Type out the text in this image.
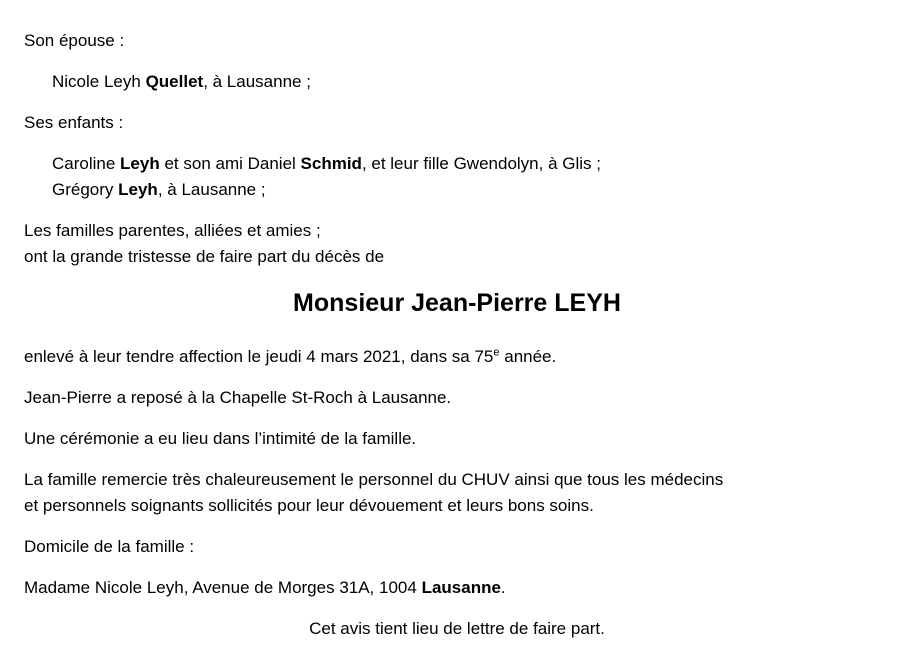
Son épouse :

Nicole Leyh Quellet, à Lausanne ;

Ses enfants :

Caroline Leyh et son ami Daniel Schmid, et leur fille Gwendolyn, à Glis ;
Grégory Leyh, à Lausanne ;

Les familles parentes, alliées et amies ;
ont la grande tristesse de faire part du décès de

Monsieur Jean-Pierre LEYH

enlevé à leur tendre affection le jeudi 4 mars 2021, dans sa 75e année.

Jean-Pierre a reposé à la Chapelle St-Roch à Lausanne.

Une cérémonie a eu lieu dans l’intimité de la famille.

La famille remercie très chaleureusement le personnel du CHUV ainsi que tous les médecins
et personnels soignants sollicités pour leur dévouement et leurs bons soins.

Domicile de la famille :

Madame Nicole Leyh, Avenue de Morges 31A, 1004 Lausanne.

Cet avis tient lieu de lettre de faire part.
